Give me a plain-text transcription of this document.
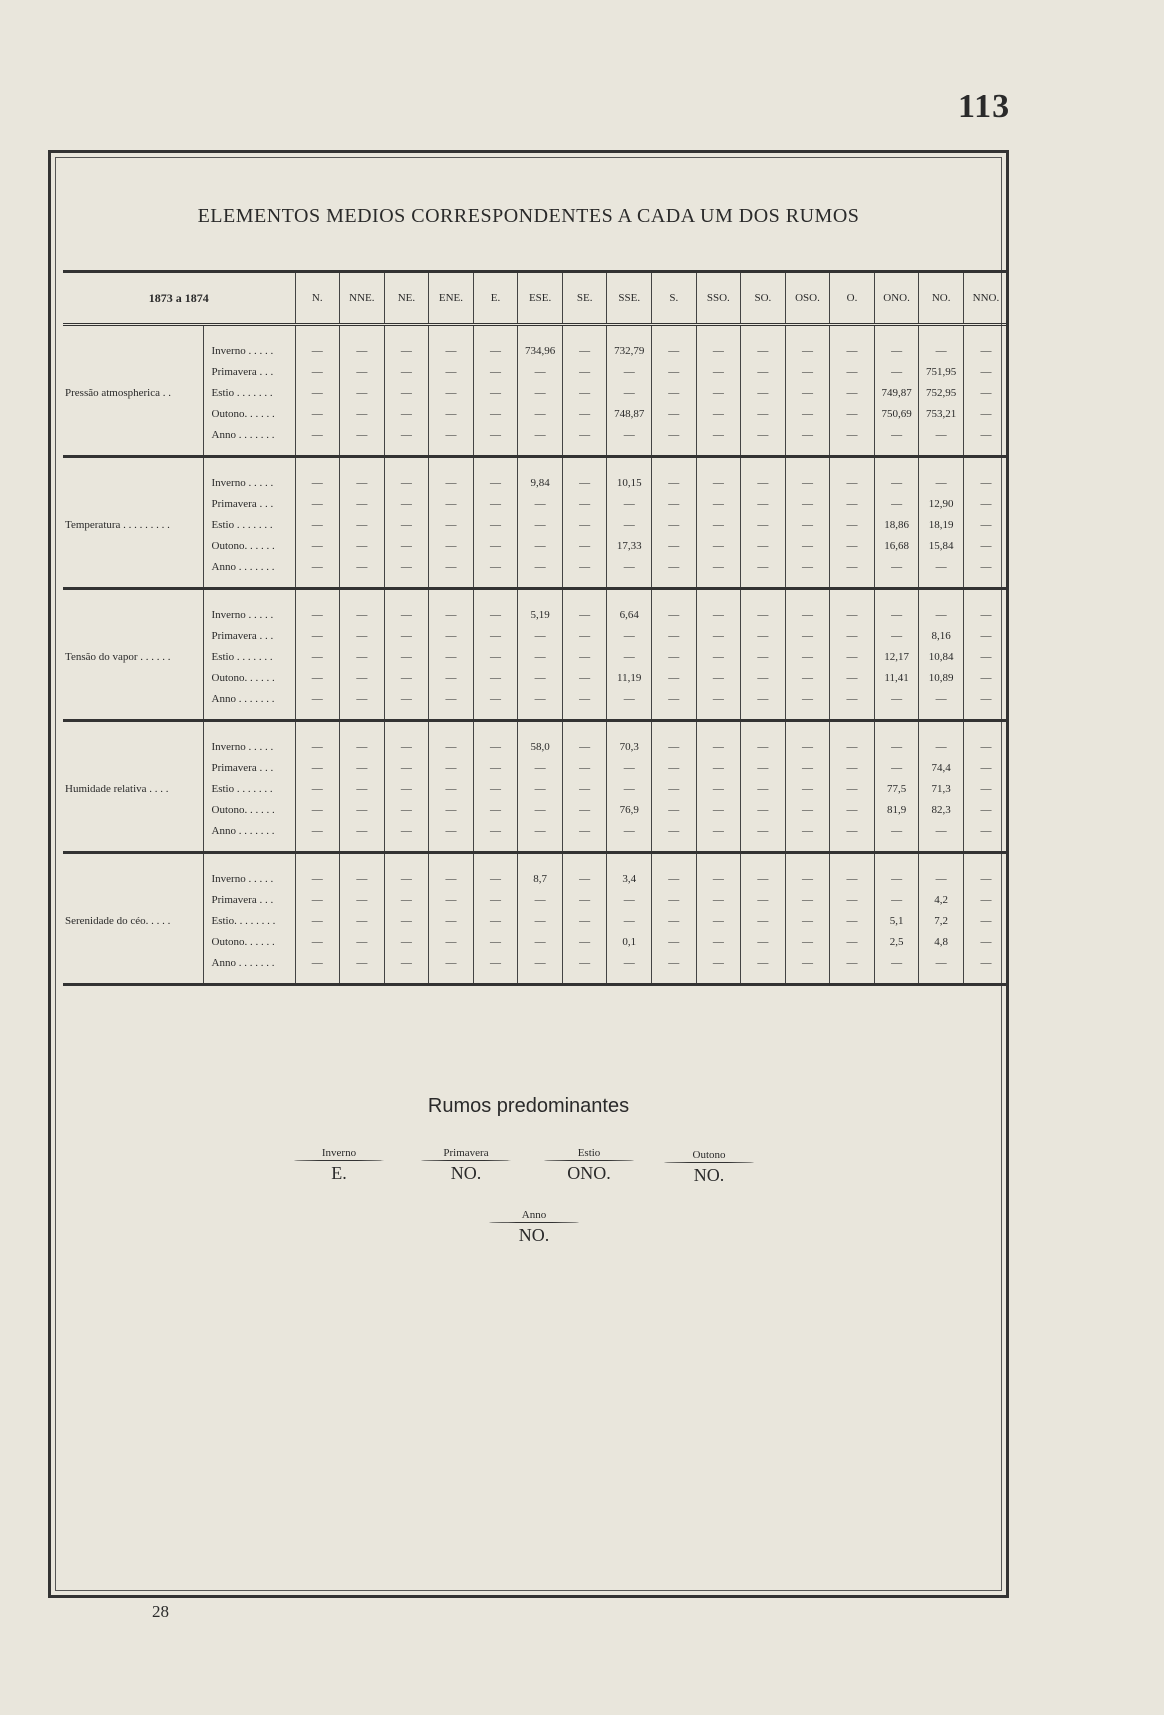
113
ELEMENTOS MEDIOS CORRESPONDENTES A CADA UM DOS RUMOS
1873 a 1874		N.	NNE.	NE.	ENE.	E.	ESE.	SE.	SSE.	S.	SSO.	SO.	OSO.	O.	ONO.	NO.	NNO.
	Inverno . . . . .	—	—	—	—	—	734,96	—	732,79	—	—	—	—	—	—	—	—
	Primavera . . .	—	—	—	—	—	—	—	—	—	—	—	—	—	—	751,95	—
Pressão atmospherica . .	Estio . . . . . . .	—	—	—	—	—	—	—	—	—	—	—	—	—	749,87	752,95	—
	Outono. . . . . .	—	—	—	—	—	—	—	748,87	—	—	—	—	—	750,69	753,21	—
	Anno . . . . . . .	—	—	—	—	—	—	—	—	—	—	—	—	—	—	—	—
	Inverno . . . . .	—	—	—	—	—	9,84	—	10,15	—	—	—	—	—	—	—	—
	Primavera . . .	—	—	—	—	—	—	—	—	—	—	—	—	—	—	12,90	—
Temperatura . . . . . . . . .	Estio . . . . . . .	—	—	—	—	—	—	—	—	—	—	—	—	—	18,86	18,19	—
	Outono. . . . . .	—	—	—	—	—	—	—	17,33	—	—	—	—	—	16,68	15,84	—
	Anno . . . . . . .	—	—	—	—	—	—	—	—	—	—	—	—	—	—	—	—
	Inverno . . . . .	—	—	—	—	—	5,19	—	6,64	—	—	—	—	—	—	—	—
	Primavera . . .	—	—	—	—	—	—	—	—	—	—	—	—	—	—	8,16	—
Tensão do vapor . . . . . .	Estio . . . . . . .	—	—	—	—	—	—	—	—	—	—	—	—	—	12,17	10,84	—
	Outono. . . . . .	—	—	—	—	—	—	—	11,19	—	—	—	—	—	11,41	10,89	—
	Anno . . . . . . .	—	—	—	—	—	—	—	—	—	—	—	—	—	—	—	—
	Inverno . . . . .	—	—	—	—	—	58,0	—	70,3	—	—	—	—	—	—	—	—
	Primavera . . .	—	—	—	—	—	—	—	—	—	—	—	—	—	—	74,4	—
Humidade relativa . . . .	Estio . . . . . . .	—	—	—	—	—	—	—	—	—	—	—	—	—	77,5	71,3	—
	Outono. . . . . .	—	—	—	—	—	—	—	76,9	—	—	—	—	—	81,9	82,3	—
	Anno . . . . . . .	—	—	—	—	—	—	—	—	—	—	—	—	—	—	—	—
	Inverno . . . . .	—	—	—	—	—	8,7	—	3,4	—	—	—	—	—	—	—	—
	Primavera . . .	—	—	—	—	—	—	—	—	—	—	—	—	—	—	4,2	—
Serenidade do céo. . . . .	Estio. . . . . . . .	—	—	—	—	—	—	—	—	—	—	—	—	—	5,1	7,2	—
	Outono. . . . . .	—	—	—	—	—	—	—	0,1	—	—	—	—	—	2,5	4,8	—
	Anno . . . . . . .	—	—	—	—	—	—	—	—	—	—	—	—	—	—	—	—
Rumos predominantes
Inverno
E.
Primavera
NO.
Estio
ONO.
Outono
NO.
Anno
NO.
28
